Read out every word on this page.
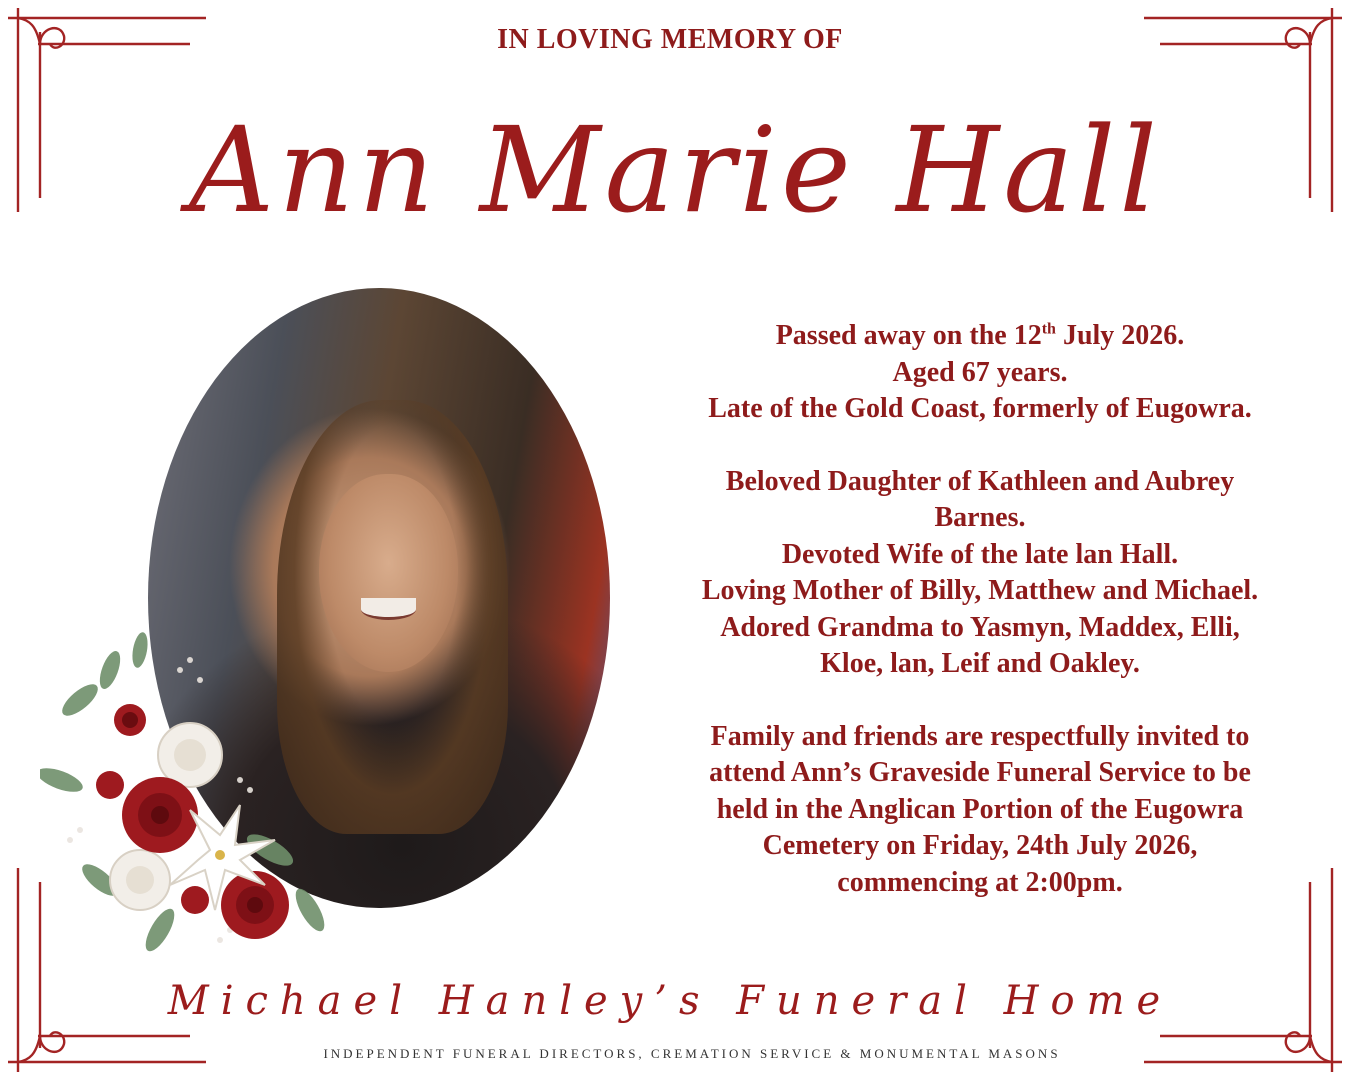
IN LOVING MEMORY OF
Ann Marie Hall

Passed away on the 12th July 2026.

Aged 67 years.

Late of the Gold Coast, formerly of Eugowra.

Beloved Daughter of Kathleen and Aubrey

Barnes.

Devoted Wife of the late lan Hall.

Loving Mother of Billy, Matthew and Michael.

Adored Grandma to Yasmyn, Maddex, Elli,

Kloe, lan, Leif and Oakley.

Family and friends are respectfully invited to

attend Ann’s Graveside Funeral Service to be

held in the Anglican Portion of the Eugowra

Cemetery on Friday, 24th July 2026,

commencing at 2:00pm.

Michael Hanley’s Funeral Home
INDEPENDENT FUNERAL DIRECTORS, CREMATION SERVICE & MONUMENTAL MASONS
